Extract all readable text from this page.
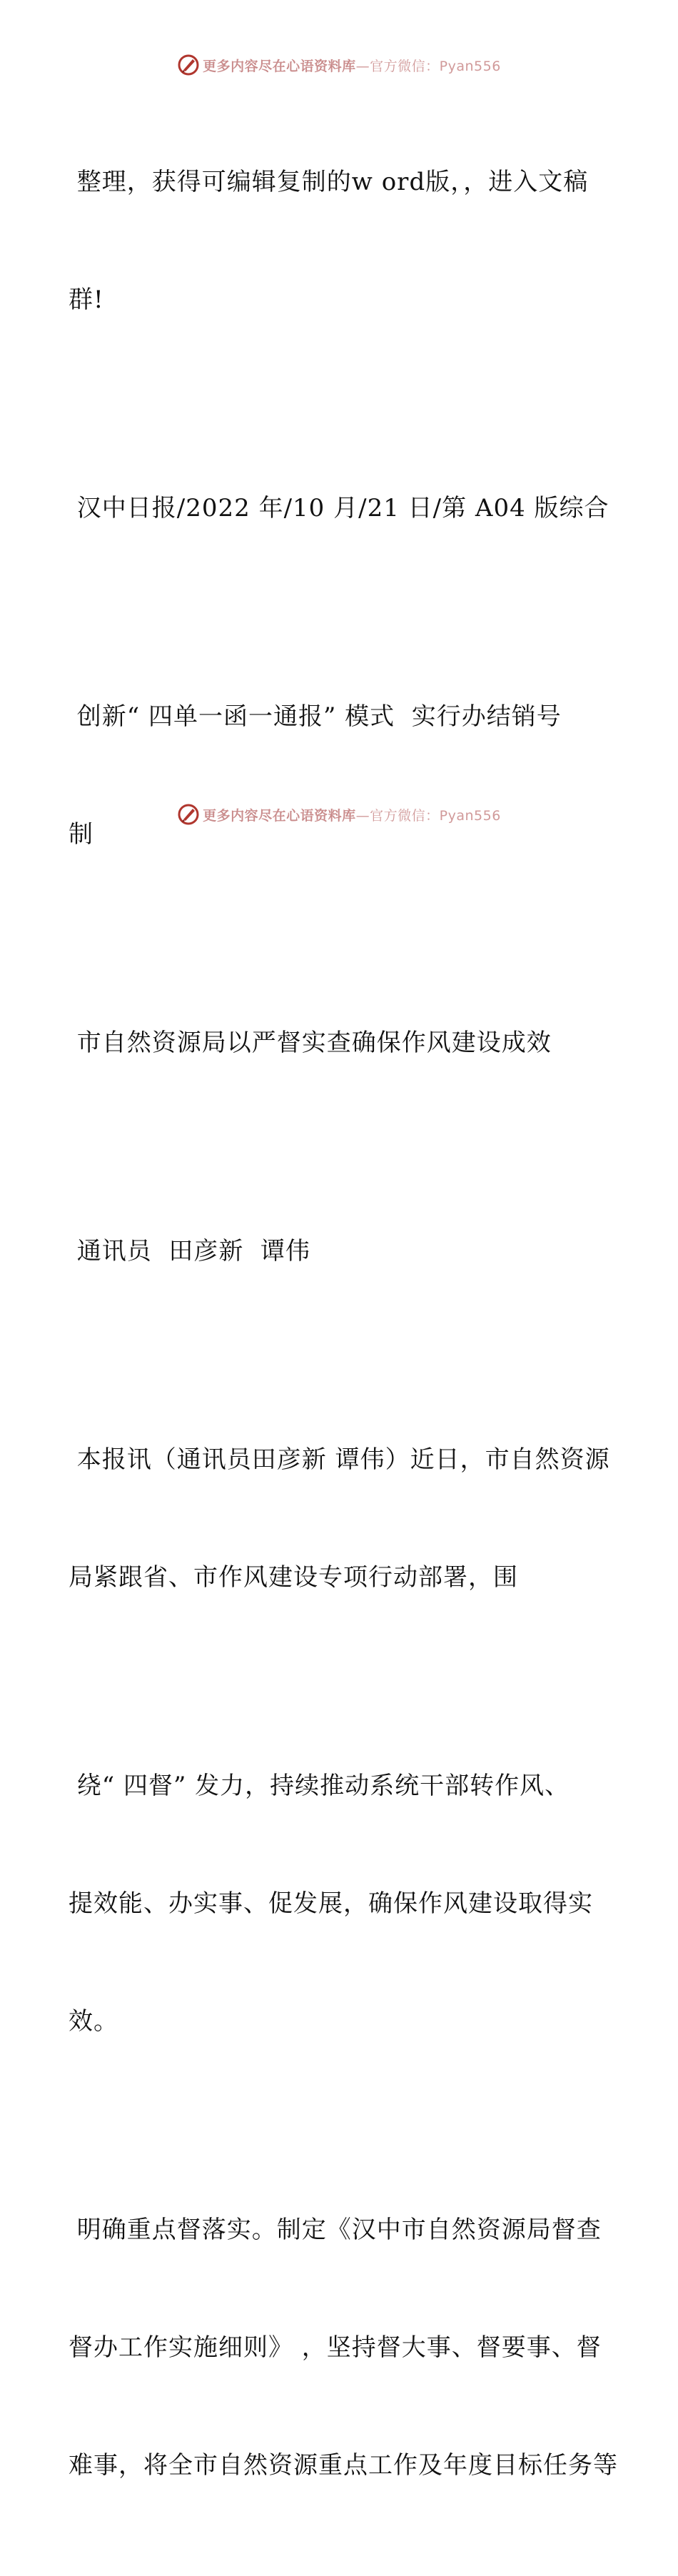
更多内容尽在心语资料库—官方微信：Pyan556

整理，获得可编辑复制的w ord版，，进入文稿

群!

汉中日报/2022 年/10 月/21 日/第 A04 版综合

创新“ 四单一函一通报” 模式  实行办结销号

制

市自然资源局以严督实查确保作风建设成效

通讯员  田彦新  谭伟

本报讯（通讯员田彦新 谭伟）近日，市自然资源

局紧跟省、市作风建设专项行动部署，围

绕“ 四督” 发力，持续推动系统干部转作风、

提效能、办实事、促发展，确保作风建设取得实

效。

明确重点督落实。制定《汉中市自然资源局督查

督办工作实施细则》 ，坚持督大事、督要事、督

难事，将全市自然资源重点工作及年度目标任务等

更多内容尽在心语资料库—官方微信：Pyan556
